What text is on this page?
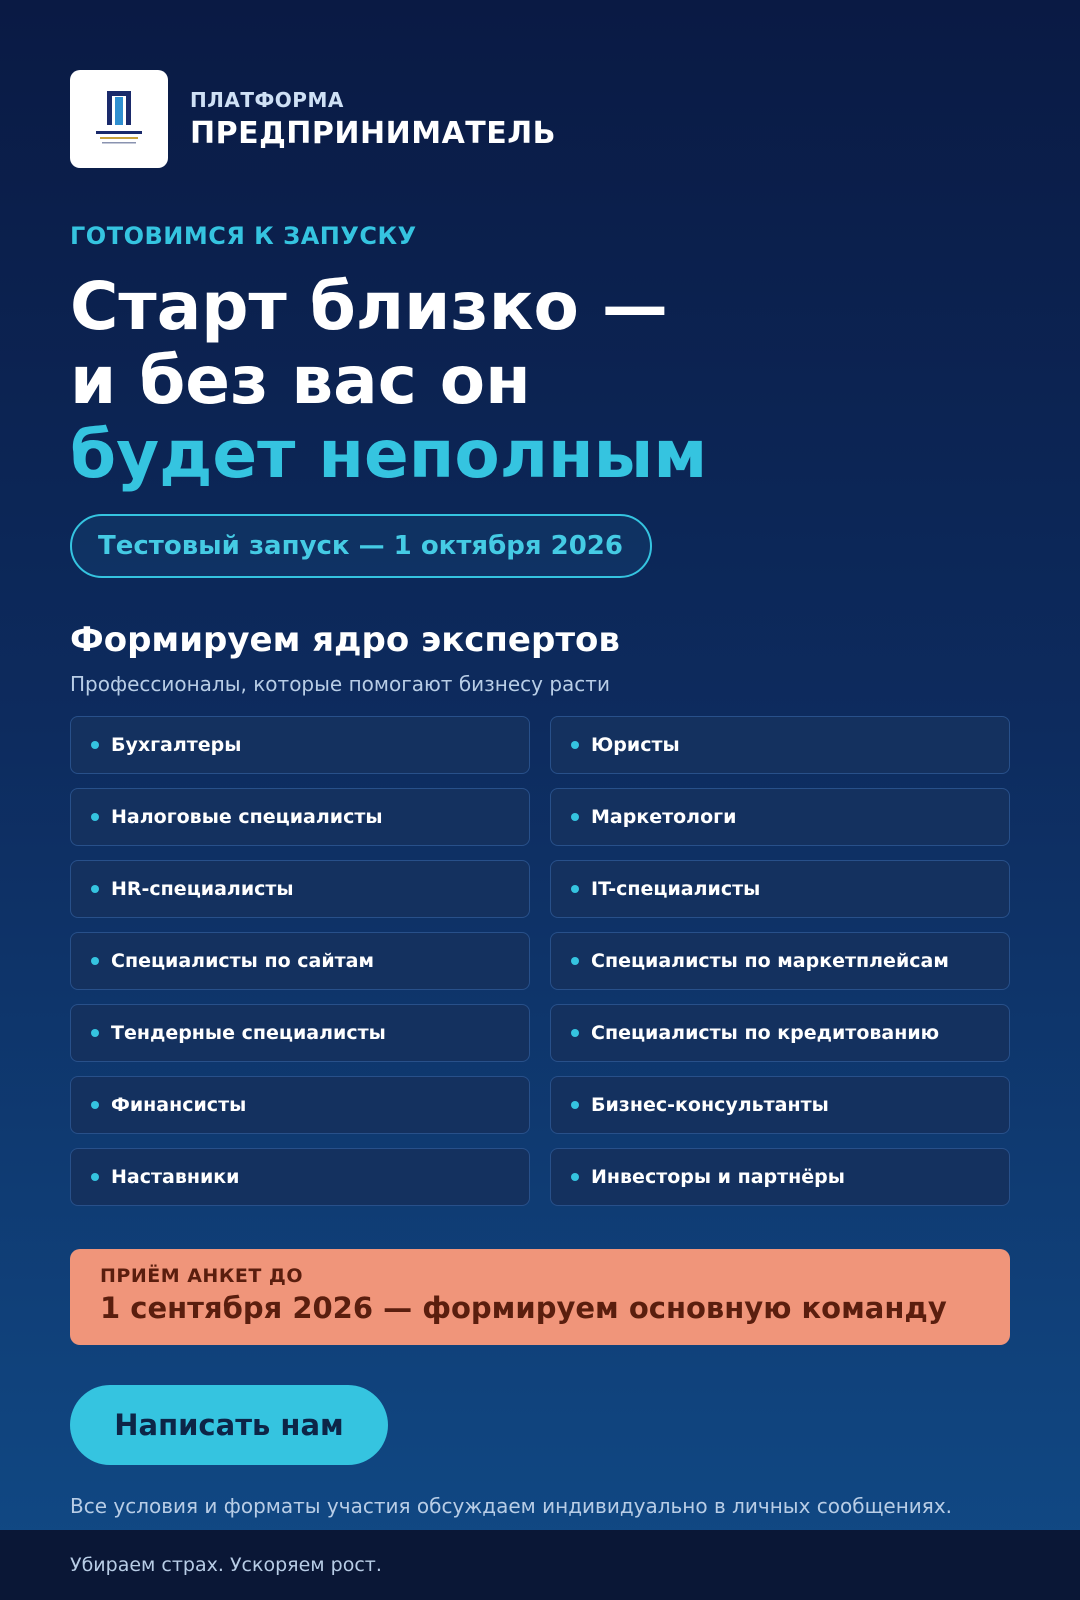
ПЛАТФОРМА
ПРЕДПРИНИМАТЕЛЬ
ГОТОВИМСЯ К ЗАПУСКУ
Старт близко —
и без вас он
будет неполным
Тестовый запуск — 1 октября 2026
Формируем ядро экспертов
Профессионалы, которые помогают бизнесу расти
Бухгалтеры	Юристы
Налоговые специалисты	Маркетологи
HR-специалисты	IT-специалисты
Специалисты по сайтам	Специалисты по маркетплейсам
Тендерные специалисты	Специалисты по кредитованию
Финансисты	Бизнес-консультанты
Наставники	Инвесторы и партнёры
ПРИЁМ АНКЕТ ДО
1 сентября 2026 — формируем основную команду
Написать нам
Все условия и форматы участия обсуждаем индивидуально в личных сообщениях.
Убираем страх. Ускоряем рост.
